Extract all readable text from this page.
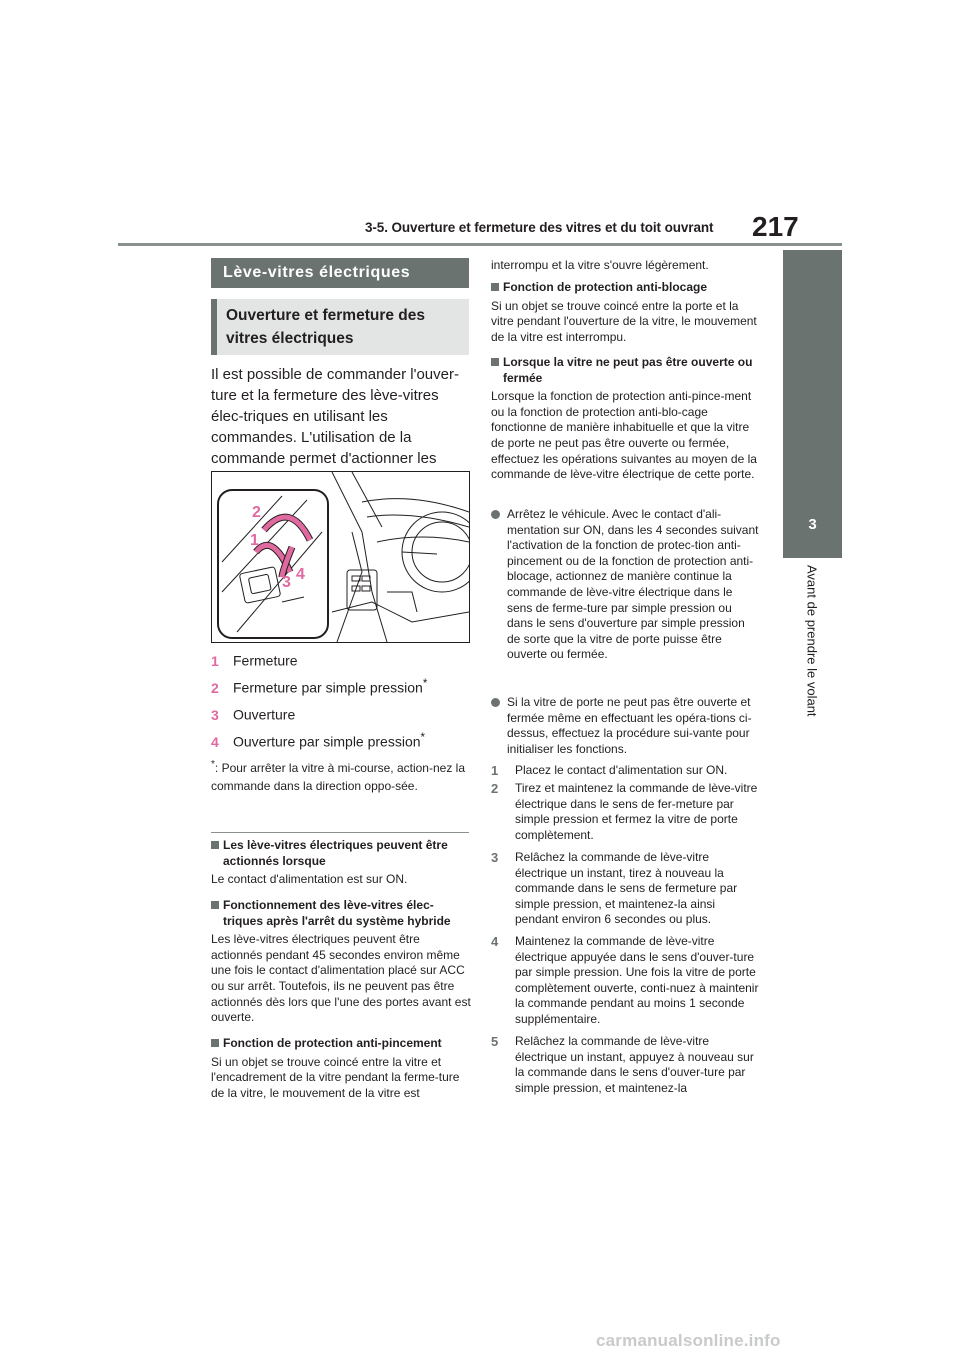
3-5. Ouverture et fermeture des vitres et du toit ouvrant 217
3
Avant de prendre le volant
Lève-vitres électriques
Ouverture et fermeture des vitres électriques
Il est possible de commander l'ouver-ture et la fermeture des lève-vitres élec-triques en utilisant les commandes. L'utilisation de la commande permet d'actionner les
2
1
3 4
1 Fermeture
2 Fermeture par simple pression*
3 Ouverture
4 Ouverture par simple pression*
*: Pour arrêter la vitre à mi-course, action-nez la commande dans la direction oppo-sée.
Les lève-vitres électriques peuvent être actionnés lorsque
Le contact d'alimentation est sur ON.
Fonctionnement des lève-vitres élec-triques après l'arrêt du système hybride
Les lève-vitres électriques peuvent être actionnés pendant 45 secondes environ même une fois le contact d'alimentation placé sur ACC ou sur arrêt. Toutefois, ils ne peuvent pas être actionnés dès lors que l'une des portes avant est ouverte.
Fonction de protection anti-pincement
Si un objet se trouve coincé entre la vitre et l'encadrement de la vitre pendant la ferme-ture de la vitre, le mouvement de la vitre est
interrompu et la vitre s'ouvre légèrement.
Fonction de protection anti-blocage
Si un objet se trouve coincé entre la porte et la vitre pendant l'ouverture de la vitre, le mouvement de la vitre est interrompu.
Lorsque la vitre ne peut pas être ouverte ou fermée
Lorsque la fonction de protection anti-pince-ment ou la fonction de protection anti-blo-cage fonctionne de manière inhabituelle et que la vitre de porte ne peut pas être ouverte ou fermée, effectuez les opérations suivantes au moyen de la commande de lève-vitre électrique de cette porte.
Arrêtez le véhicule. Avec le contact d'ali-mentation sur ON, dans les 4 secondes suivant l'activation de la fonction de protec-tion anti-pincement ou de la fonction de protection anti-blocage, actionnez de manière continue la commande de lève-vitre électrique dans le sens de ferme-ture par simple pression ou dans le sens d'ouverture par simple pression de sorte que la vitre de porte puisse être ouverte ou fermée.
Si la vitre de porte ne peut pas être ouverte et fermée même en effectuant les opéra-tions ci-dessus, effectuez la procédure sui-vante pour initialiser les fonctions.
1	Placez le contact d'alimentation sur ON.
2	Tirez et maintenez la commande de lève-vitre électrique dans le sens de fer-meture par simple pression et fermez la vitre de porte complètement.
3	Relâchez la commande de lève-vitre électrique un instant, tirez à nouveau la commande dans le sens de fermeture par simple pression, et maintenez-la ainsi pendant environ 6 secondes ou plus.
4	Maintenez la commande de lève-vitre électrique appuyée dans le sens d'ouver-ture par simple pression. Une fois la vitre de porte complètement ouverte, conti-nuez à maintenir la commande pendant au moins 1 seconde supplémentaire.
5	Relâchez la commande de lève-vitre électrique un instant, appuyez à nouveau sur la commande dans le sens d'ouver-ture par simple pression, et maintenez-la
carmanualsonline.info
